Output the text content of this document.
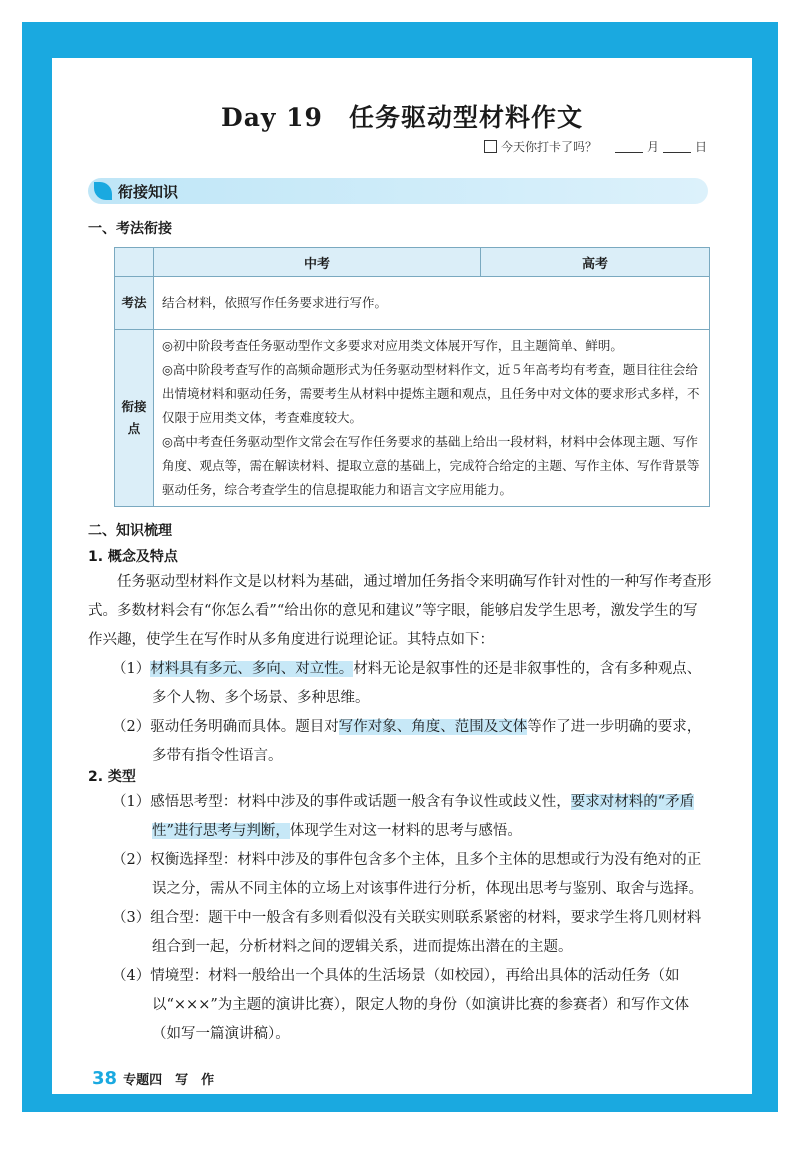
Day 19　任务驱动型材料作文
今天你打卡了吗？	月	日
衔接知识
一、考法衔接
	中考	高考
考法	结合材料，依照写作任务要求进行写作。	

衔接点	◎初中阶段考查任务驱动型作文多要求对应用类文体展开写作，且主题简单、鲜明。

◎高中阶段考查写作的高频命题形式为任务驱动型材料作文，近５年高考均有考查，题目往往会给出情境材料和驱动任务，需要考生从材料中提炼主题和观点，且任务中对文体的要求形式多样，不仅限于应用类文体，考查难度较大。

◎高中考查任务驱动型作文常会在写作任务要求的基础上给出一段材料，材料中会体现主题、写作角度、观点等，需在解读材料、提取立意的基础上，完成符合给定的主题、写作主体、写作背景等驱动任务，综合考查学生的信息提取能力和语言文字应用能力。	

二、知识梳理
1. 概念及特点

任务驱动型材料作文是以材料为基础，通过增加任务指令来明确写作针对性的一种写作考查形式。多数材料会有“你怎么看”“给出你的意见和建议”等字眼，能够启发学生思考，激发学生的写作兴趣，使学生在写作时从多角度进行说理论证。其特点如下：

（1）材料具有多元、多向、对立性。材料无论是叙事性的还是非叙事性的，含有多种观点、多个人物、多个场景、多种思维。

（2）驱动任务明确而具体。题目对写作对象、角度、范围及文体等作了进一步明确的要求，多带有指令性语言。

2. 类型

（1）感悟思考型：材料中涉及的事件或话题一般含有争议性或歧义性，要求对材料的“矛盾性”进行思考与判断，体现学生对这一材料的思考与感悟。

（2）权衡选择型：材料中涉及的事件包含多个主体，且多个主体的思想或行为没有绝对的正误之分，需从不同主体的立场上对该事件进行分析，体现出思考与鉴别、取舍与选择。

（3）组合型：题干中一般含有多则看似没有关联实则联系紧密的材料，要求学生将几则材料组合到一起，分析材料之间的逻辑关系，进而提炼出潜在的主题。

（4）情境型：材料一般给出一个具体的生活场景（如校园），再给出具体的活动任务（如以“×××”为主题的演讲比赛），限定人物的身份（如演讲比赛的参赛者）和写作文体（如写一篇演讲稿）。

38 专题四　写　作
